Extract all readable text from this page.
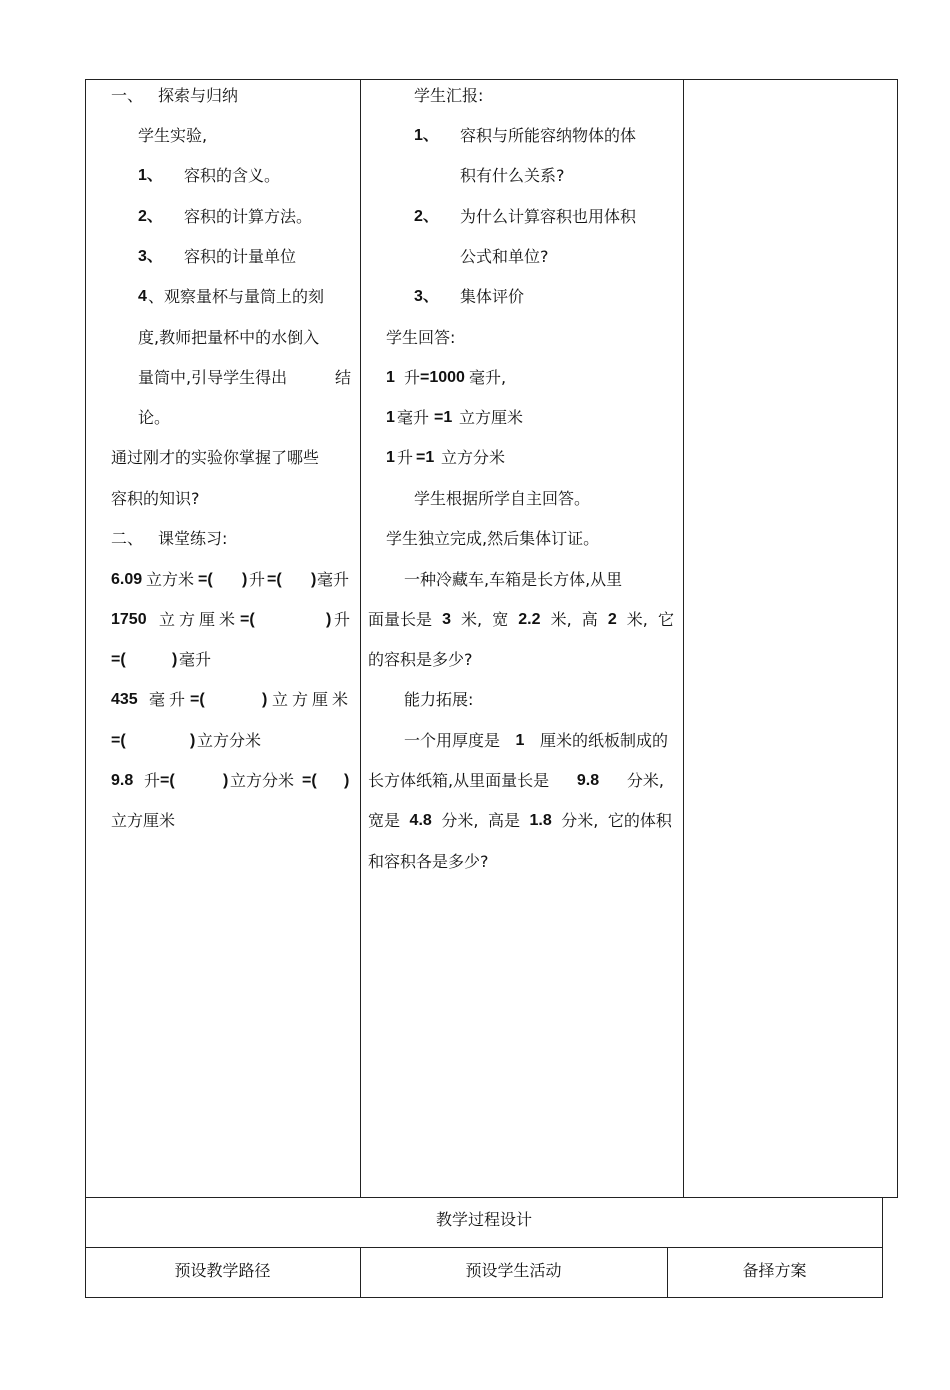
一、 探索与归纳
学生实验,
1、 容积的含义。
2、 容积的计算方法。
3、 容积的计量单位
4 、观察量杯与量筒上的刻
度,教师把量杯中的水倒入
量筒中,引导学生得出	结
论。
通过刚才的实验你掌握了哪些
容积的知识?
二、 课堂练习:
6.09 立方米 =( ) 升 =( ) 毫升
1750 立方厘米 =(	) 升
=(	) 毫升
435 毫升 =(	) 立方厘米
=(	) 立方分米
9.8 升 =(	) 立方分米 =( )
立方厘米
学生汇报:
1、 容积与所能容纳物体的体
积有什么关系?
2、 为什么计算容积也用体积
公式和单位?
3、 集体评价
学生回答:
1 升 =1000 毫升,
1 毫升 =1 立方厘米
1 升 =1 立方分米
学生根据所学自主回答。
学生独立完成,然后集体订证。
一种冷藏车,车箱是长方体,从里
面量长是 3 米, 宽 2.2 米, 高 2 米, 它
的容积是多少?
能力拓展:
一个用厚度是 1 厘米的纸板制成的
长方体纸箱,从里面量长是 9.8 分米,
宽是 4.8 分米, 高是 1.8 分米, 它的体积
和容积各是多少?
教学过程设计
预设教学路径	预设学生活动	备择方案
